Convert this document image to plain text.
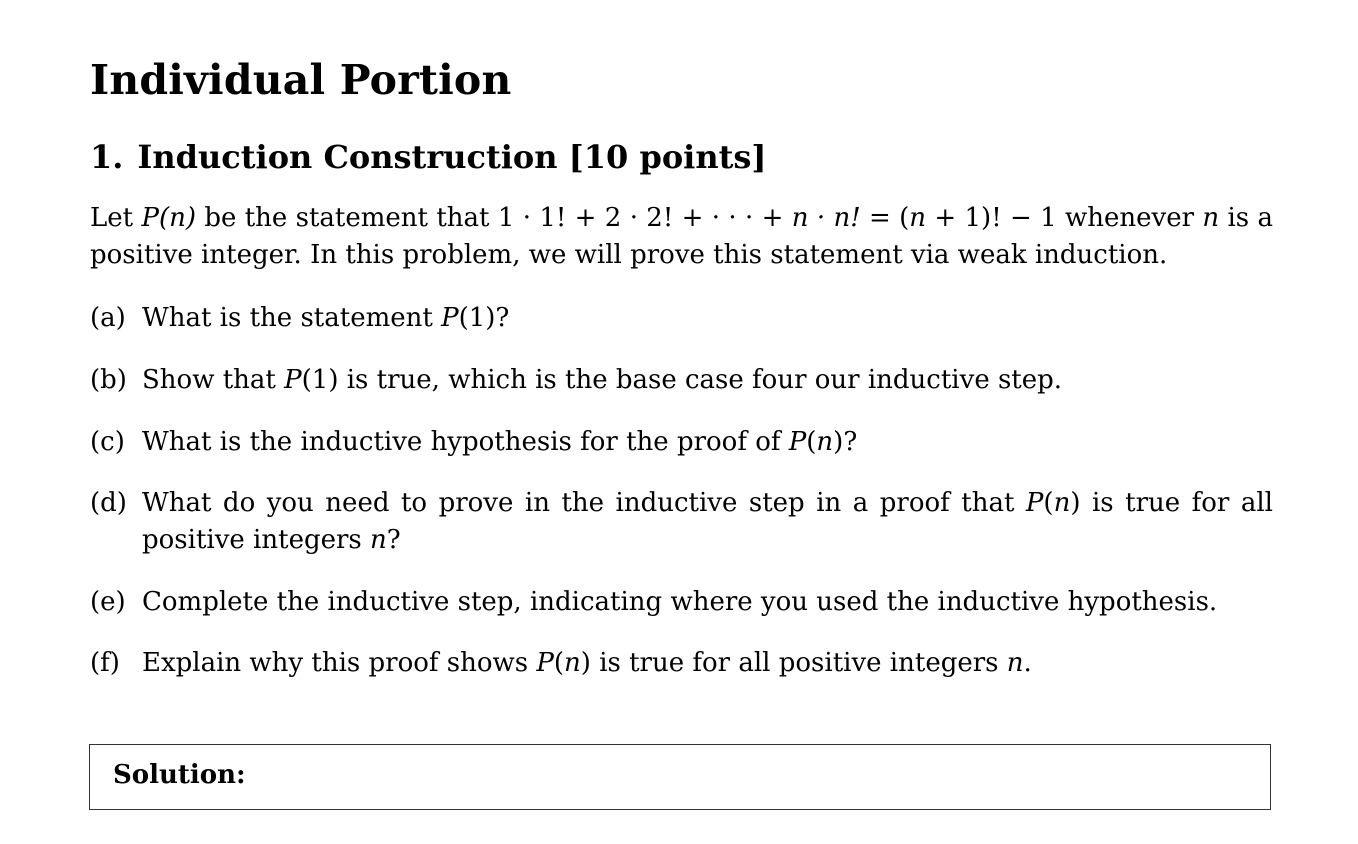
Individual Portion
1. Induction Construction [10 points]
Let P(n) be the statement that 1 · 1! + 2 · 2! + · · · + n · n! = (n + 1)! − 1 whenever n is a
positive integer. In this problem, we will prove this statement via weak induction.
(a) What is the statement P(1)?
(b) Show that P(1) is true, which is the base case four our inductive step.
(c) What is the inductive hypothesis for the proof of P(n)?
(d) What do you need to prove in the inductive step in a proof that P(n) is true for all
positive integers n?
(e) Complete the inductive step, indicating where you used the inductive hypothesis.
(f) Explain why this proof shows P(n) is true for all positive integers n.
Solution:
